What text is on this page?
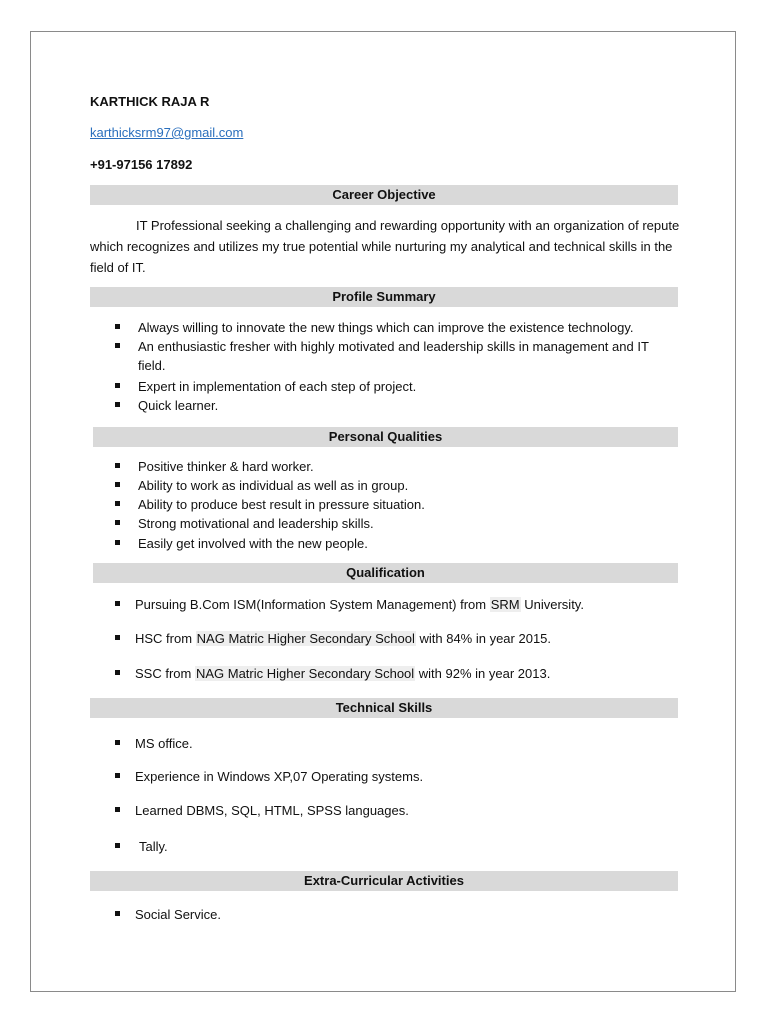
KARTHICK RAJA R
karthicksrm97@gmail.com
+91-97156 17892
Career Objective
IT Professional seeking a challenging and rewarding opportunity with an organization of repute which recognizes and utilizes my true potential while nurturing my analytical and technical skills in the field of IT.
Profile Summary
Always willing to innovate the new things which can improve the existence technology.
An enthusiastic fresher with highly motivated and leadership skills in management and IT field.
Expert in implementation of each step of project.
Quick learner.
Personal Qualities
Positive thinker & hard worker.
Ability to work as individual as well as in group.
Ability to produce best result in pressure situation.
Strong motivational and leadership skills.
Easily get involved with the new people.
Qualification
Pursuing B.Com ISM(Information System Management) from SRM University.
HSC from NAG Matric Higher Secondary School with 84% in year 2015.
SSC from NAG Matric Higher Secondary School with 92% in year 2013.
Technical Skills
MS office.
Experience in Windows XP,07 Operating systems.
Learned DBMS, SQL, HTML, SPSS languages.
Tally.
Extra-Curricular Activities
Social Service.
